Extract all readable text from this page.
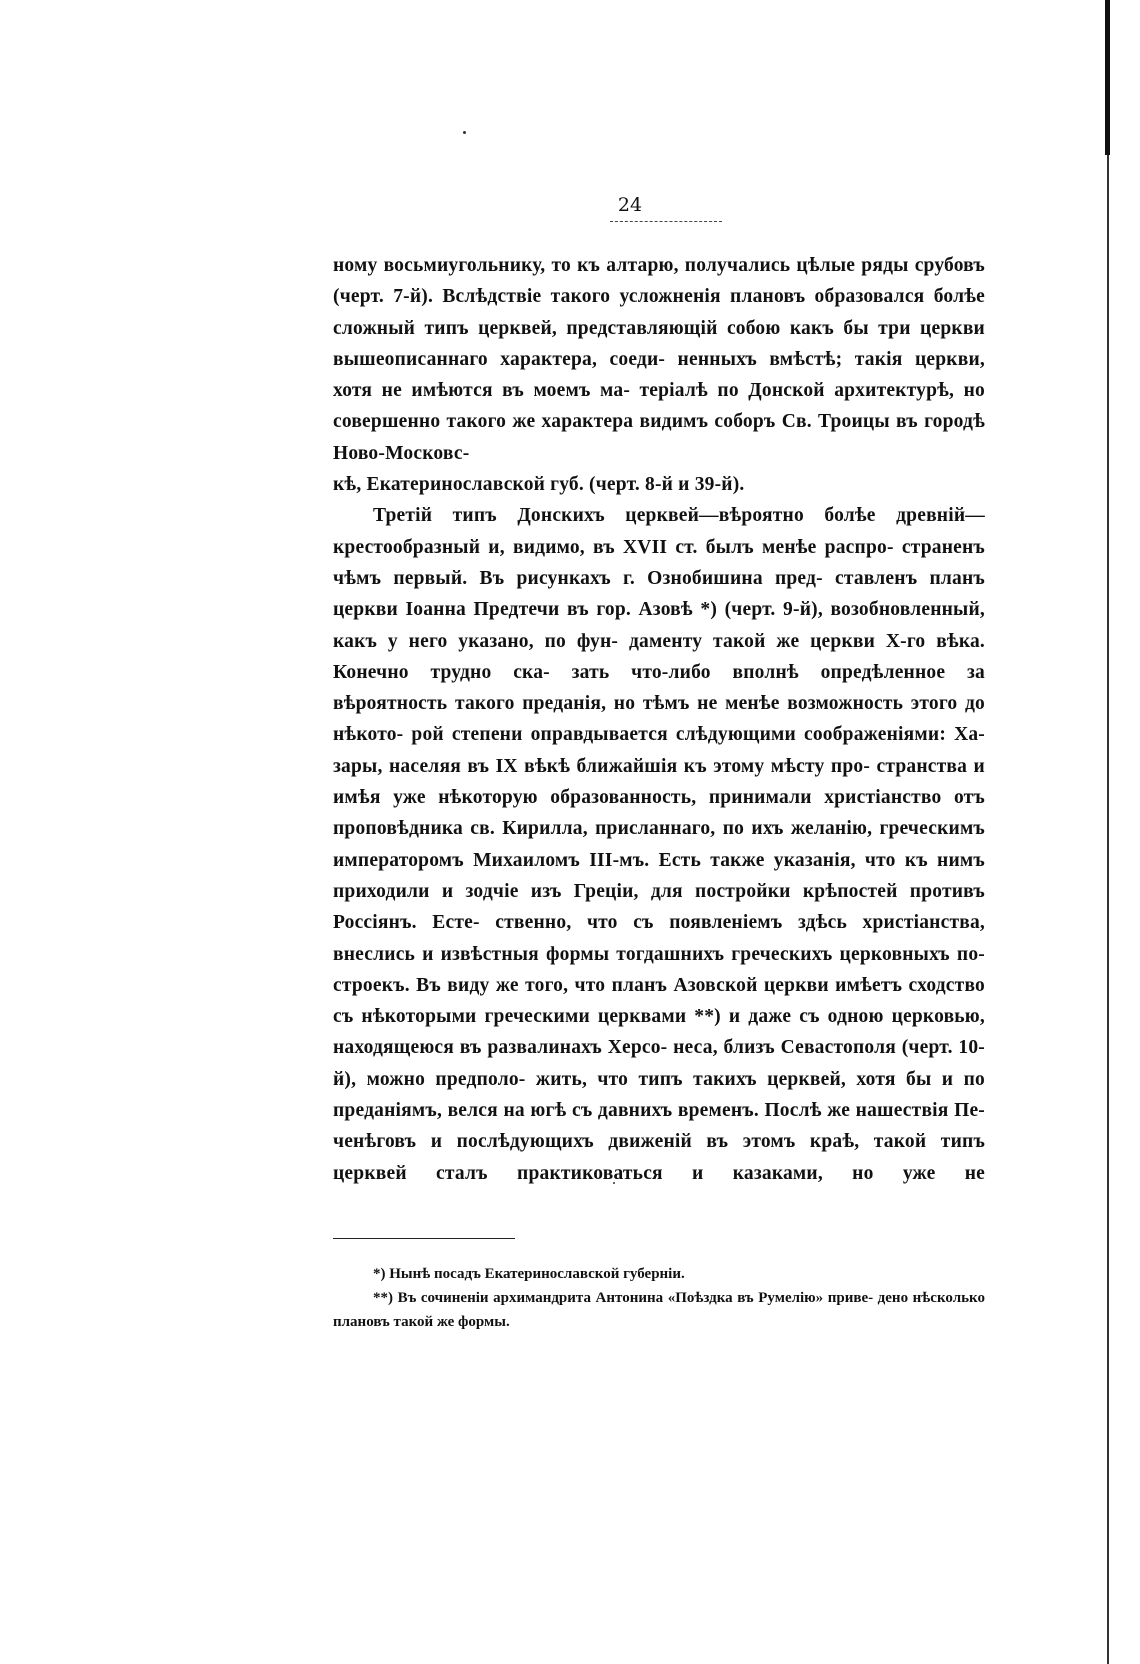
24

ному восьмиугольнику, то къ алтарю, получались цѣлые ряды срубовъ (черт. 7-й). Вслѣдствіе такого усложненія плановъ образовался болѣе сложный типъ церквей, представляющій собою какъ бы три церкви вышеописаннаго характера, соеди- ненныхъ вмѣстѣ; такія церкви, хотя не имѣются въ моемъ ма- теріалѣ по Донской архитектурѣ, но совершенно такого же характера видимъ соборъ Св. Троицы въ городѣ Ново-Московс-

кѣ, Екатеринославской губ. (черт. 8-й и 39-й).

Третій типъ Донскихъ церквей—вѣроятно болѣе древній— крестообразный и, видимо, въ XVII ст. былъ менѣе распро- страненъ чѣмъ первый. Въ рисункахъ г. Ознобишина пред- ставленъ планъ церкви Іоанна Предтечи въ гор. Азовѣ *) (черт. 9-й), возобновленный, какъ у него указано, по фун- даменту такой же церкви X-го вѣка. Конечно трудно ска- зать что-либо вполнѣ опредѣленное за вѣроятность такого преданія, но тѣмъ не менѣе возможность этого до нѣкото- рой степени оправдывается слѣдующими соображеніями: Ха- зары, населяя въ IX вѣкѣ ближайшія къ этому мѣсту про- странства и имѣя уже нѣкоторую образованность, принимали христіанство отъ проповѣдника св. Кирилла, присланнаго, по ихъ желанію, греческимъ императоромъ Михаиломъ III-мъ. Есть также указанія, что къ нимъ приходили и зодчіе изъ Греціи, для постройки крѣпостей противъ Россіянъ. Есте- ственно, что съ появленіемъ здѣсь христіанства, внеслись и извѣстныя формы тогдашнихъ греческихъ церковныхъ по- строекъ. Въ виду же того, что планъ Азовской церкви имѣетъ сходство съ нѣкоторыми греческими церквами **) и даже съ одною церковью, находящеюся въ развалинахъ Херсо- неса, близъ Севастополя (черт. 10-й), можно предполо- жить, что типъ такихъ церквей, хотя бы и по преданіямъ, велся на югѣ съ давнихъ временъ. Послѣ же нашествія Пе- ченѣговъ и послѣдующихъ движеній въ этомъ краѣ, такой типъ церквей сталъ практиковаться и казаками, но уже не

*) Нынѣ посадъ Екатеринославской губерніи.

**) Въ сочиненіи архимандрита Антонина «Поѣздка въ Румелію» приве- дено нѣсколько плановъ такой же формы.
